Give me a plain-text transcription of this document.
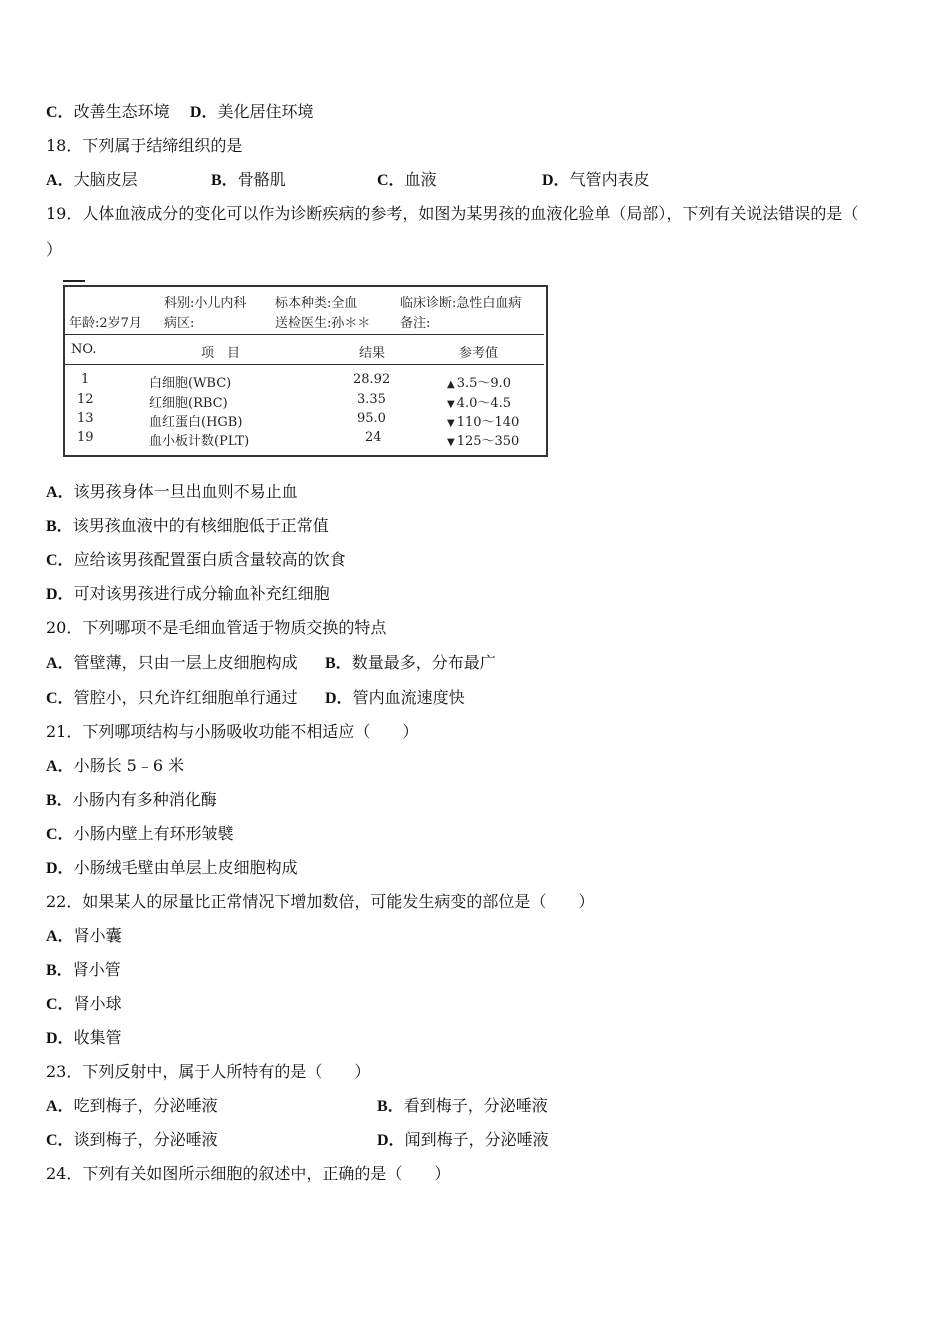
C．改善生态环境 D．美化居住环境
18．下列属于结缔组织的是
A．大脑皮层	B．骨骼肌	C．血液	D．气管内表皮
19．人体血液成分的变化可以作为诊断疾病的参考，如图为某男孩的血液化验单（局部），下列有关说法错误的是（
）
科别:小儿内科 标本种类:全血	临床诊断:急性白血病
年龄:2岁7月 病区:	送检医生:孙＊＊ 备注:
NO.	项　目	结果	参考值
1	白细胞(WBC)	28.92	▲ 3.5～9.0
12	红细胞(RBC)	3.35	▼ 4.0～4.5
13	血红蛋白(HGB)	95.0	▼ 110～140
19	血小板计数(PLT)	24	▼ 125～350
A．该男孩身体一旦出血则不易止血
B．该男孩血液中的有核细胞低于正常值
C．应给该男孩配置蛋白质含量较高的饮食
D．可对该男孩进行成分输血补充红细胞
20．下列哪项不是毛细血管适于物质交换的特点
A．管壁薄，只由一层上皮细胞构成 B．数量最多，分布最广
C．管腔小，只允许红细胞单行通过 D．管内血流速度快
21．下列哪项结构与小肠吸收功能不相适应（　　）
A．小肠长 5﹣6 米
B．小肠内有多种消化酶
C．小肠内壁上有环形皱襞
D．小肠绒毛壁由单层上皮细胞构成
22．如果某人的尿量比正常情况下增加数倍，可能发生病变的部位是（　　）
A．肾小囊
B．肾小管
C．肾小球
D．收集管
23．下列反射中，属于人所特有的是（　　）
A．吃到梅子，分泌唾液	B．看到梅子，分泌唾液
C．谈到梅子，分泌唾液	D．闻到梅子，分泌唾液
24．下列有关如图所示细胞的叙述中，正确的是（　　）
